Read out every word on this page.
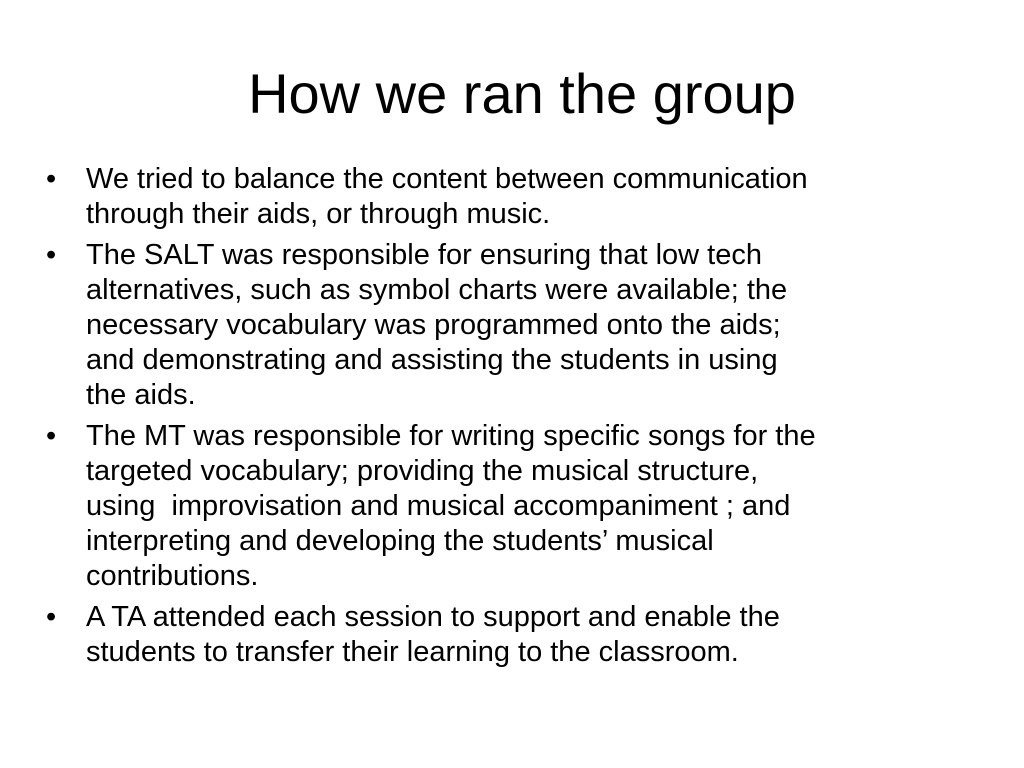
How we ran the group
•	We tried to balance the content between communication
through their aids, or through music.
•	The SALT was responsible for ensuring that low tech
alternatives, such as symbol charts were available; the
necessary vocabulary was programmed onto the aids;
and demonstrating and assisting the students in using
the aids.
•	The MT was responsible for writing specific songs for the
targeted vocabulary; providing the musical structure,
using  improvisation and musical accompaniment ; and
interpreting and developing the students’ musical
contributions.
•	A TA attended each session to support and enable the
students to transfer their learning to the classroom.
